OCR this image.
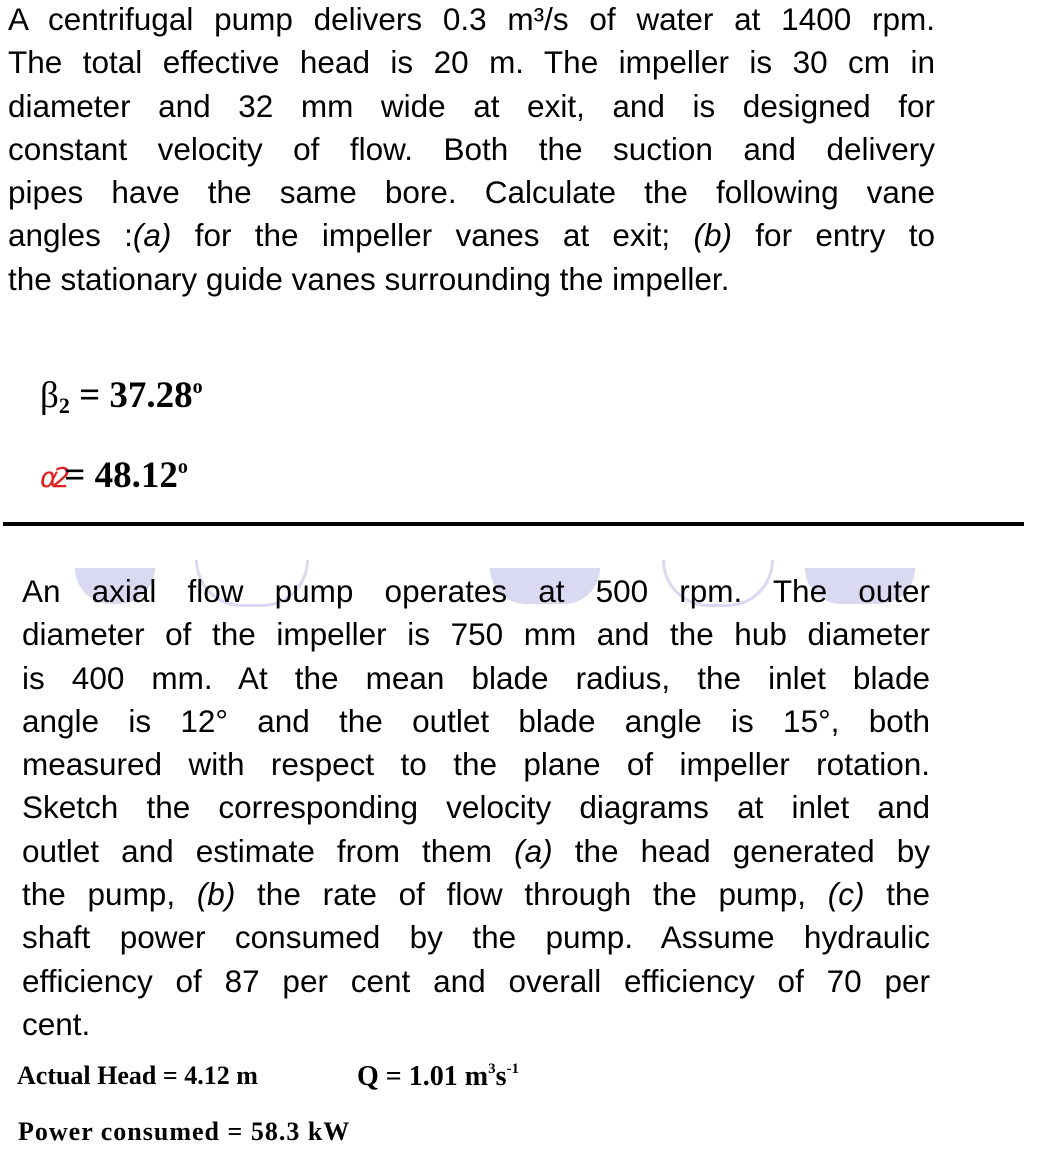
A centrifugal pump delivers 0.3 m³/s of water at 1400 rpm.
The total effective head is 20 m. The impeller is 30 cm in
diameter and 32 mm wide at exit, and is designed for
constant velocity of flow. Both the suction and delivery
pipes have the same bore. Calculate the following vane
angles :(a) for the impeller vanes at exit; (b) for entry to
the stationary guide vanes surrounding the impeller.
$\beta_2 = 37.28^o$
$\alpha 2= 48.12^o$
An axial flow pump operates at 500 rpm. The outer
diameter of the impeller is 750 mm and the hub diameter
is 400 mm. At the mean blade radius, the inlet blade
angle is 12° and the outlet blade angle is 15°, both
measured with respect to the plane of impeller rotation.
Sketch the corresponding velocity diagrams at inlet and
outlet and estimate from them (a) the head generated by
the pump, (b) the rate of flow through the pump, (c) the
shaft power consumed by the pump. Assume hydraulic
efficiency of 87 per cent and overall efficiency of 70 per
cent.
Actual Head = 4.12 m	Q = 1.01 $m^3s^{-1}$
Power consumed = 58.3 kW
